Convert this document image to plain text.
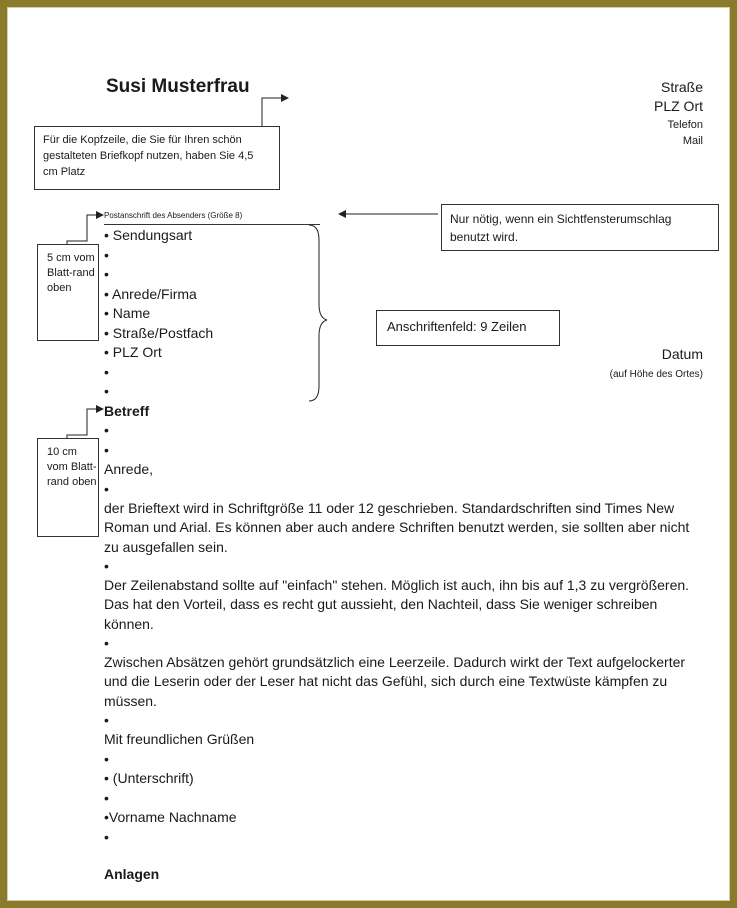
Susi Musterfrau	Straße
PLZ Ort
Telefon
Mail
Für die Kopfzeile, die Sie für Ihren schön gestalteten Briefkopf nutzen, haben Sie 4,5 cm Platz
Nur nötig, wenn ein Sichtfensterumschlag benutzt wird.
5 cm vom Blatt-rand oben
10 cm vom Blatt-rand oben
Anschriftenfeld: 9 Zeilen
Postanschrift des Absenders (Größe 8)
• Sendungsart
•
•
• Anrede/Firma
• Name
• Straße/Postfach
• PLZ Ort
•
•
Datum
(auf Höhe des Ortes)
Betreff
•
•
Anrede,
•
der Brieftext wird in Schriftgröße 11 oder 12 geschrieben. Standardschriften sind Times New Roman und Arial. Es können aber auch andere Schriften benutzt werden, sie sollten aber nicht zu ausgefallen sein.
•
Der Zeilenabstand sollte auf "einfach" stehen. Möglich ist auch, ihn bis auf 1,3 zu vergrößeren. Das hat den Vorteil, dass es recht gut aussieht, den Nachteil, dass Sie weniger schreiben können.
•
Zwischen Absätzen gehört grundsätzlich eine Leerzeile. Dadurch wirkt der Text aufgelockerter und die Leserin oder der Leser hat nicht das Gefühl, sich durch eine Textwüste kämpfen zu müssen.
•
Mit freundlichen Grüßen
•
• (Unterschrift)
•
•Vorname Nachname
•
Anlagen
